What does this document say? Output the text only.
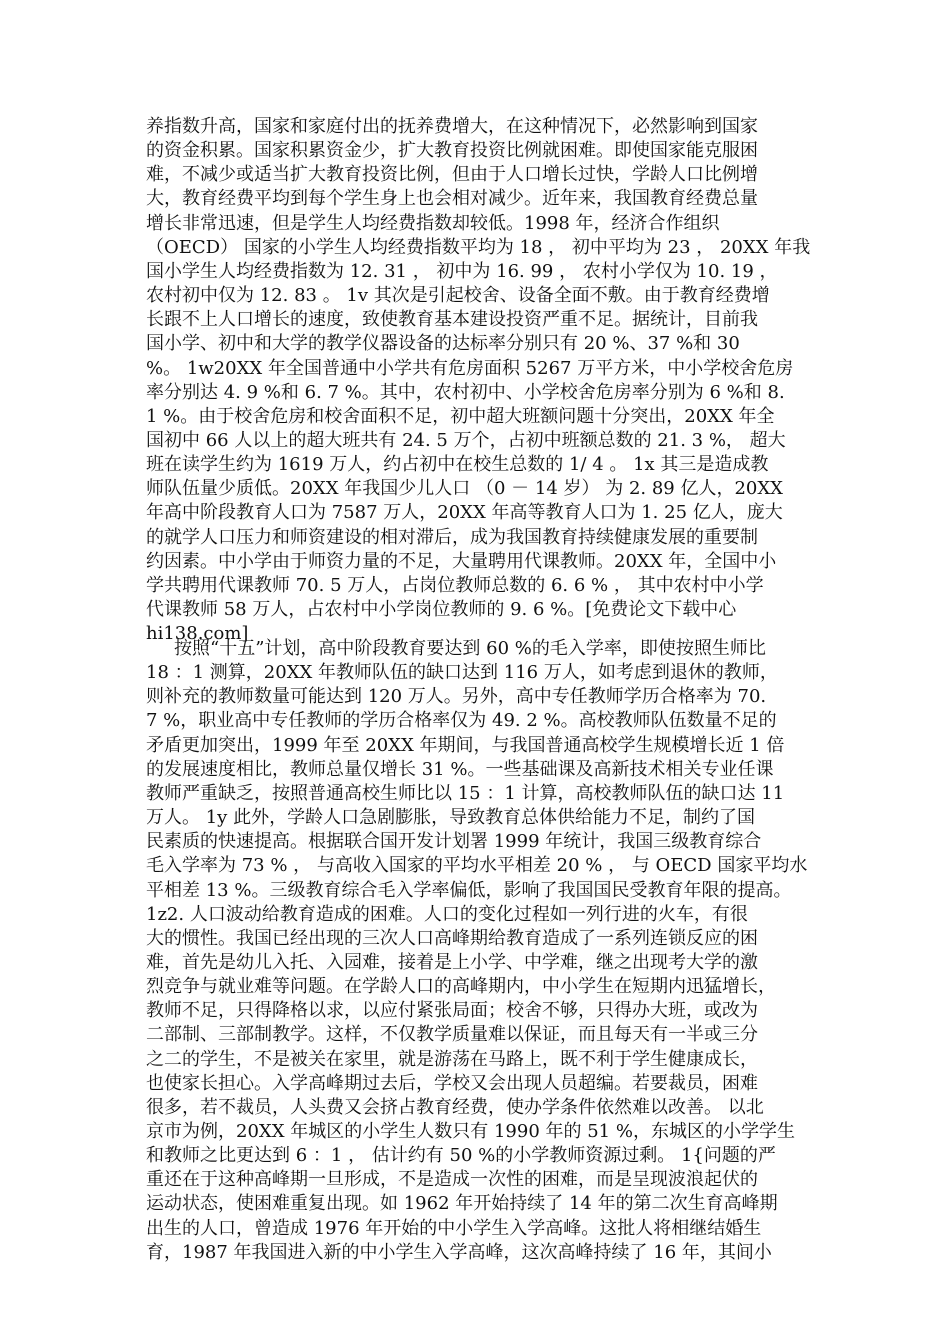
养指数升高，国家和家庭付出的抚养费增大，在这种情况下，必然影响到国家
的资金积累。国家积累资金少，扩大教育投资比例就困难。即使国家能克服困
难，不减少或适当扩大教育投资比例，但由于人口增长过快，学龄人口比例增
大，教育经费平均到每个学生身上也会相对减少。近年来，我国教育经费总量
增长非常迅速，但是学生人均经费指数却较低。1998 年，经济合作组织
（OECD） 国家的小学生人均经费指数平均为 18 ， 初中平均为 23 ， 20XX 年我
国小学生人均经费指数为 12. 31 ， 初中为 16. 99 ， 农村小学仅为 10. 19 ，
农村初中仅为 12. 83 。 1v 其次是引起校舍、设备全面不敷。由于教育经费增
长跟不上人口增长的速度，致使教育基本建设投资严重不足。据统计，目前我
国小学、初中和大学的教学仪器设备的达标率分别只有 20 %、37 %和 30
%。 1w20XX 年全国普通中小学共有危房面积 5267 万平方米，中小学校舍危房
率分别达 4. 9 %和 6. 7 %。其中，农村初中、小学校舍危房率分别为 6 %和 8.
1 %。由于校舍危房和校舍面积不足，初中超大班额问题十分突出，20XX 年全
国初中 66 人以上的超大班共有 24. 5 万个，占初中班额总数的 21. 3 %， 超大
班在读学生约为 1619 万人，约占初中在校生总数的 1/ 4 。 1x 其三是造成教
师队伍量少质低。20XX 年我国少儿人口 （0 － 14 岁） 为 2. 89 亿人，20XX
年高中阶段教育人口为 7587 万人，20XX 年高等教育人口为 1. 25 亿人，庞大
的就学人口压力和师资建设的相对滞后，成为我国教育持续健康发展的重要制
约因素。中小学由于师资力量的不足，大量聘用代课教师。20XX 年，全国中小
学共聘用代课教师 70. 5 万人，占岗位教师总数的 6. 6 % ， 其中农村中小学
代课教师 58 万人，占农村中小学岗位教师的 9. 6 %。[免费论文下载中心
hi138.com]
按照“十五”计划，高中阶段教育要达到 60 %的毛入学率，即使按照生师比
18 ：1 测算，20XX 年教师队伍的缺口达到 116 万人，如考虑到退休的教师，
则补充的教师数量可能达到 120 万人。另外，高中专任教师学历合格率为 70.
7 %，职业高中专任教师的学历合格率仅为 49. 2 %。高校教师队伍数量不足的
矛盾更加突出，1999 年至 20XX 年期间，与我国普通高校学生规模增长近 1 倍
的发展速度相比，教师总量仅增长 31 %。一些基础课及高新技术相关专业任课
教师严重缺乏，按照普通高校生师比以 15 ：1 计算，高校教师队伍的缺口达 11
万人。 1y 此外，学龄人口急剧膨胀，导致教育总体供给能力不足，制约了国
民素质的快速提高。根据联合国开发计划署 1999 年统计，我国三级教育综合
毛入学率为 73 % ， 与高收入国家的平均水平相差 20 % ， 与 OECD 国家平均水
平相差 13 %。三级教育综合毛入学率偏低，影响了我国国民受教育年限的提高。
1z2. 人口波动给教育造成的困难。人口的变化过程如一列行进的火车，有很
大的惯性。我国已经出现的三次人口高峰期给教育造成了一系列连锁反应的困
难，首先是幼儿入托、入园难，接着是上小学、中学难，继之出现考大学的激
烈竞争与就业难等问题。在学龄人口的高峰期内，中小学生在短期内迅猛增长，
教师不足，只得降格以求，以应付紧张局面；校舍不够，只得办大班，或改为
二部制、三部制教学。这样，不仅教学质量难以保证，而且每天有一半或三分
之二的学生，不是被关在家里，就是游荡在马路上，既不利于学生健康成长，
也使家长担心。入学高峰期过去后，学校又会出现人员超编。若要裁员，困难
很多，若不裁员，人头费又会挤占教育经费，使办学条件依然难以改善。 以北
京市为例，20XX 年城区的小学生人数只有 1990 年的 51 %，东城区的小学学生
和教师之比更达到 6 ：1 ， 估计约有 50 %的小学教师资源过剩。 1{问题的严
重还在于这种高峰期一旦形成，不是造成一次性的困难，而是呈现波浪起伏的
运动状态，使困难重复出现。如 1962 年开始持续了 14 年的第二次生育高峰期
出生的人口，曾造成 1976 年开始的中小学生入学高峰。这批人将相继结婚生
育，1987 年我国进入新的中小学生入学高峰，这次高峰持续了 16 年，其间小
